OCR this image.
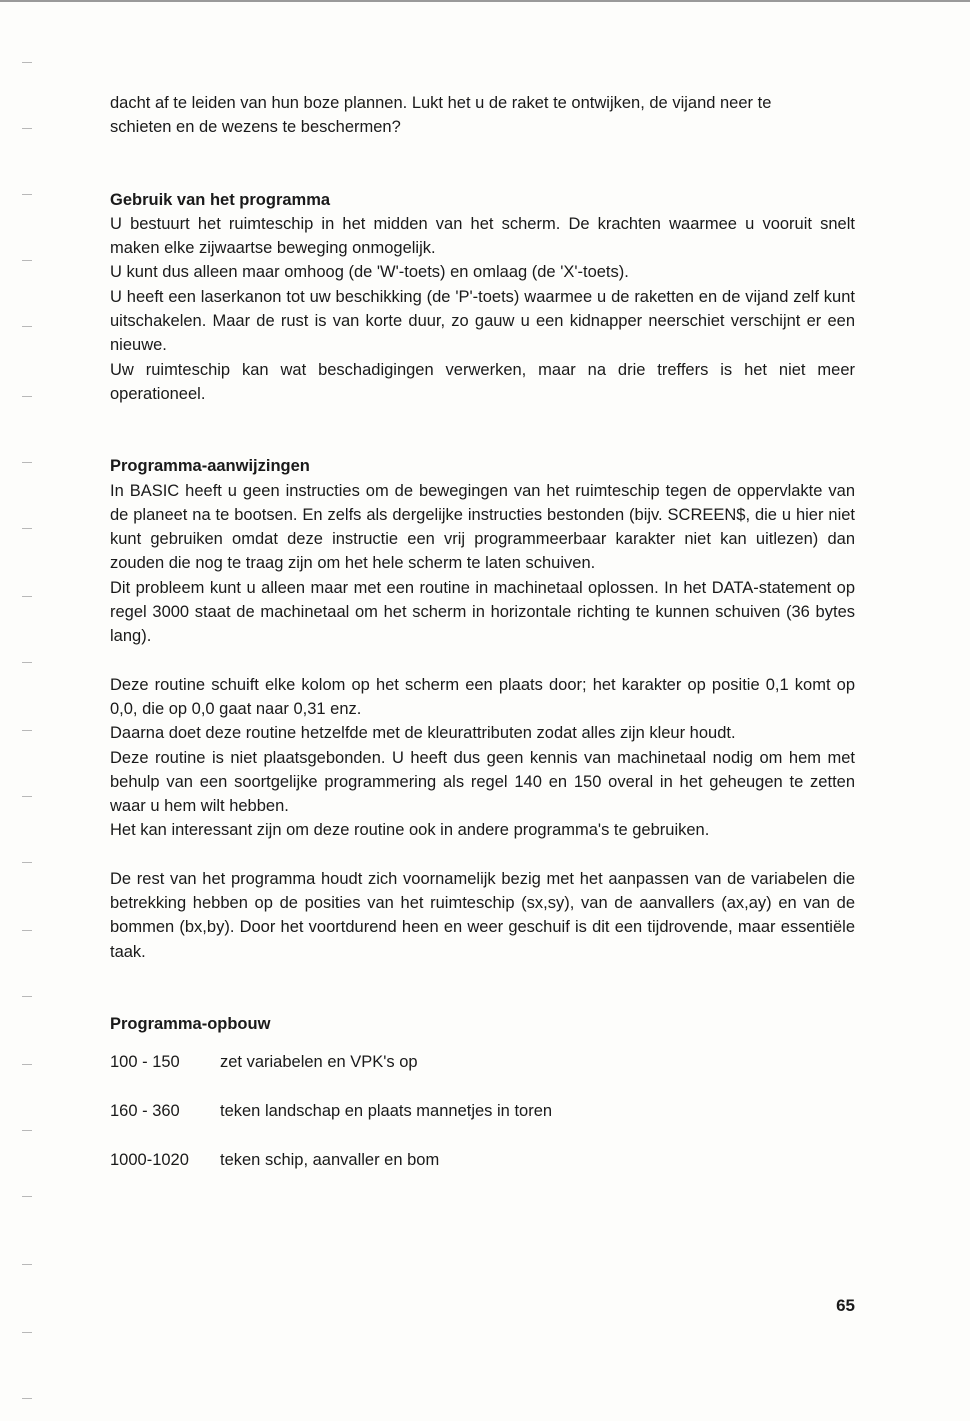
dacht af te leiden van hun boze plannen. Lukt het u de raket te ontwijken, de vijand neer te

schieten en de wezens te beschermen?

Gebruik van het programma

U bestuurt het ruimteschip in het midden van het scherm. De krachten waarmee u vooruit snelt maken elke zijwaartse beweging onmogelijk.

U kunt dus alleen maar omhoog (de 'W'-toets) en omlaag (de 'X'-toets).

U heeft een laserkanon tot uw beschikking (de 'P'-toets) waarmee u de raketten en de vijand zelf kunt uitschakelen. Maar de rust is van korte duur, zo gauw u een kidnapper neerschiet verschijnt er een nieuwe.

Uw ruimteschip kan wat beschadigingen verwerken, maar na drie treffers is het niet meer operationeel.

Programma-aanwijzingen

In BASIC heeft u geen instructies om de bewegingen van het ruimteschip tegen de oppervlakte van de planeet na te bootsen. En zelfs als dergelijke instructies bestonden (bijv. SCREEN$, die u hier niet kunt gebruiken omdat deze instructie een vrij programmeerbaar karakter niet kan uitlezen) dan zouden die nog te traag zijn om het hele scherm te laten schuiven.

Dit probleem kunt u alleen maar met een routine in machinetaal oplossen. In het DATA-statement op regel 3000 staat de machinetaal om het scherm in horizontale richting te kunnen schuiven (36 bytes lang).

Deze routine schuift elke kolom op het scherm een plaats door; het karakter op positie 0,1 komt op 0,0, die op 0,0 gaat naar 0,31 enz.

Daarna doet deze routine hetzelfde met de kleurattributen zodat alles zijn kleur houdt.

Deze routine is niet plaatsgebonden. U heeft dus geen kennis van machinetaal nodig om hem met behulp van een soortgelijke programmering als regel 140 en 150 overal in het geheugen te zetten waar u hem wilt hebben.

Het kan interessant zijn om deze routine ook in andere programma's te gebruiken.

De rest van het programma houdt zich voornamelijk bezig met het aanpassen van de variabelen die betrekking hebben op de posities van het ruimteschip (sx,sy), van de aanvallers (ax,ay) en van de bommen (bx,by). Door het voortdurend heen en weer geschuif is dit een tijdrovende, maar essentiële taak.

Programma-opbouw
100 - 150	zet variabelen en VPK's op
160 - 360	teken landschap en plaats mannetjes in toren
1000-1020	teken schip, aanvaller en bom
65
